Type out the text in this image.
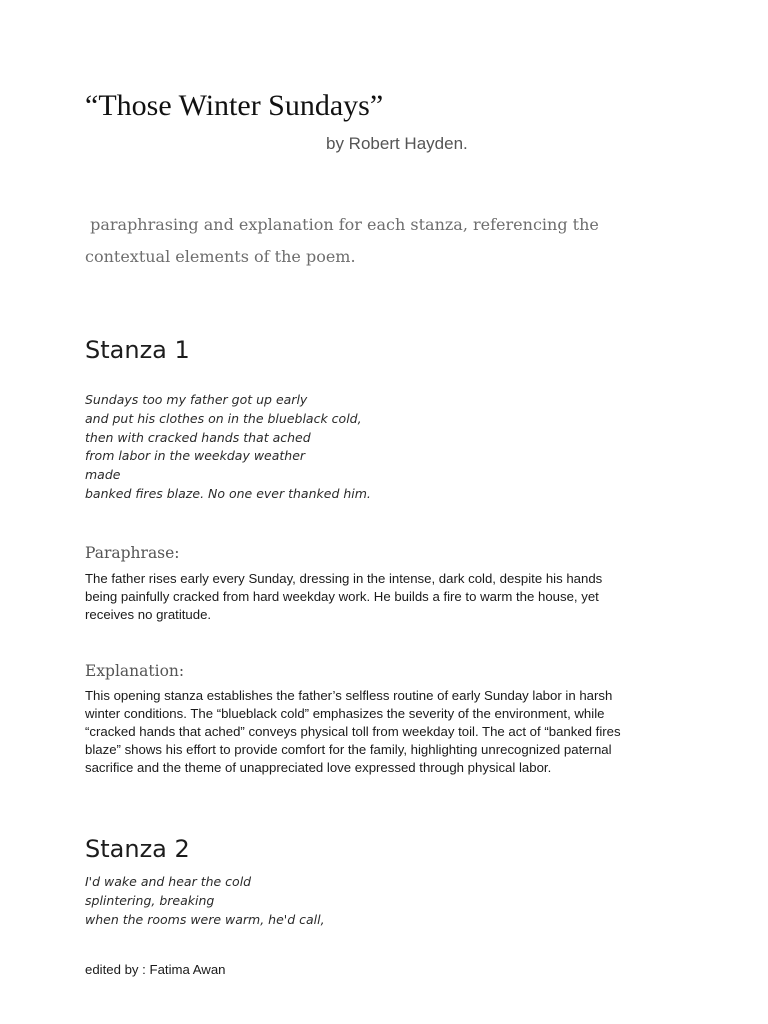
“Those Winter Sundays”

by Robert Hayden.

paraphrasing and explanation for each stanza, referencing the contextual elements of the poem.

Stanza 1
Sundays too my father got up early
and put his clothes on in the blueblack cold,
then with cracked hands that ached
from labor in the weekday weather
made
banked fires blaze. No one ever thanked him.
Paraphrase:

The father rises early every Sunday, dressing in the intense, dark cold, despite his hands being painfully cracked from hard weekday work. He builds a fire to warm the house, yet receives no gratitude.

Explanation:

This opening stanza establishes the father’s selfless routine of early Sunday labor in harsh winter conditions. The “blueblack cold” emphasizes the severity of the environment, while “cracked hands that ached” conveys physical toll from weekday toil. The act of “banked fires blaze” shows his effort to provide comfort for the family, highlighting unrecognized paternal sacrifice and the theme of unappreciated love expressed through physical labor.

Stanza 2
I'd wake and hear the cold
splintering, breaking
when the rooms were warm, he'd call,

edited by : Fatima Awan
